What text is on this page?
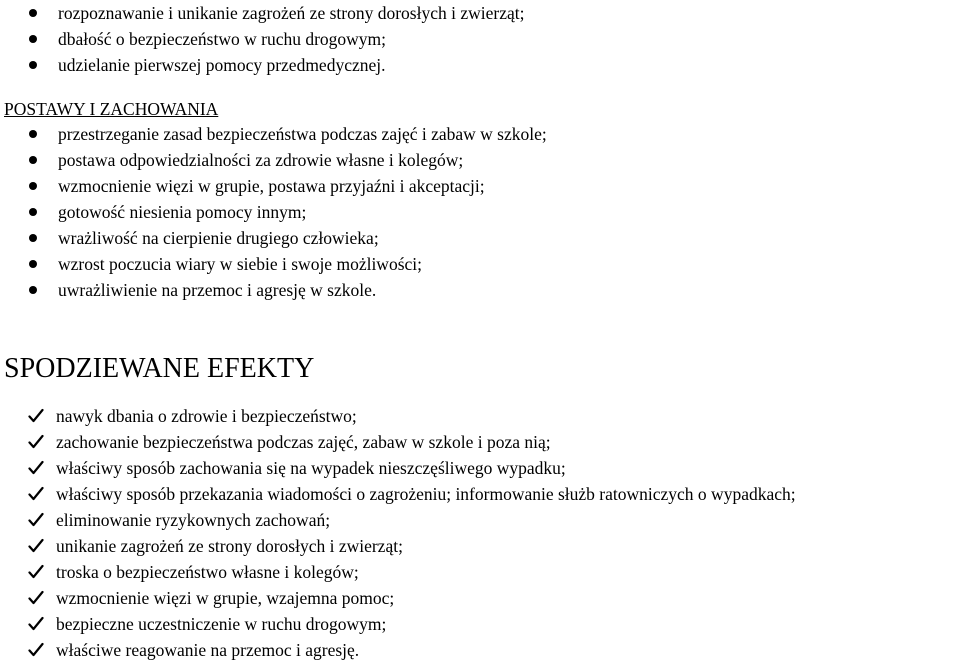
rozpoznawanie i unikanie zagrożeń ze strony dorosłych i zwierząt;
dbałość o bezpieczeństwo w ruchu drogowym;
udzielanie pierwszej pomocy przedmedycznej.
POSTAWY I ZACHOWANIA
przestrzeganie zasad bezpieczeństwa podczas zajęć i zabaw w szkole;
postawa odpowiedzialności za zdrowie własne i kolegów;
wzmocnienie więzi w grupie, postawa przyjaźni i akceptacji;
gotowość niesienia pomocy innym;
wrażliwość na cierpienie drugiego człowieka;
wzrost poczucia wiary w siebie i swoje możliwości;
uwrażliwienie na przemoc i agresję w szkole.
SPODZIEWANE EFEKTY
nawyk dbania o zdrowie i bezpieczeństwo;
zachowanie bezpieczeństwa podczas zajęć, zabaw w szkole i poza nią;
właściwy sposób zachowania się na wypadek nieszczęśliwego wypadku;
właściwy sposób przekazania wiadomości o zagrożeniu; informowanie służb ratowniczych o wypadkach;
eliminowanie ryzykownych zachowań;
unikanie zagrożeń ze strony dorosłych i zwierząt;
troska o bezpieczeństwo własne i kolegów;
wzmocnienie więzi w grupie, wzajemna pomoc;
bezpieczne uczestniczenie w ruchu drogowym;
właściwe reagowanie na przemoc i agresję.
